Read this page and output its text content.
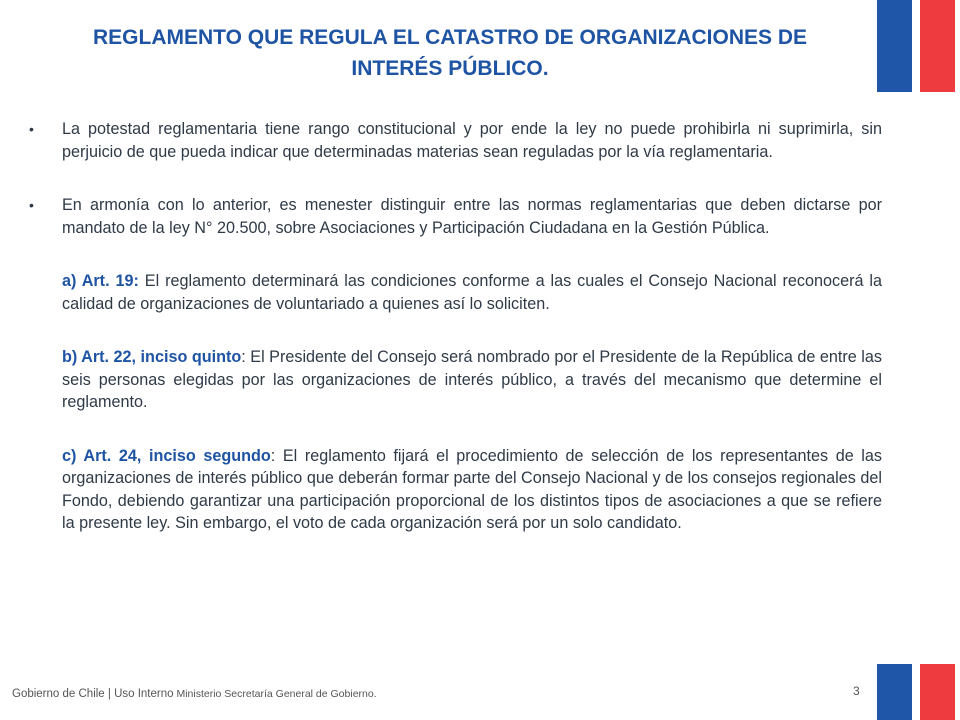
REGLAMENTO QUE REGULA EL CATASTRO DE ORGANIZACIONES DE INTERÉS PÚBLICO.

• La potestad reglamentaria tiene rango constitucional y por ende la ley no puede prohibirla ni suprimirla, sin perjuicio de que pueda indicar que determinadas materias sean reguladas por la vía reglamentaria.

• En armonía con lo anterior, es menester distinguir entre las normas reglamentarias que deben dictarse por mandato de la ley N° 20.500, sobre Asociaciones y Participación Ciudadana en la Gestión Pública.

a) Art. 19: El reglamento determinará las condiciones conforme a las cuales el Consejo Nacional reconocerá la calidad de organizaciones de voluntariado a quienes así lo soliciten.

b) Art. 22, inciso quinto: El Presidente del Consejo será nombrado por el Presidente de la República de entre las seis personas elegidas por las organizaciones de interés público, a través del mecanismo que determine el reglamento.

c) Art. 24, inciso segundo: El reglamento fijará el procedimiento de selección de los representantes de las organizaciones de interés público que deberán formar parte del Consejo Nacional y de los consejos regionales del Fondo, debiendo garantizar una participación proporcional de los distintos tipos de asociaciones a que se refiere la presente ley. Sin embargo, el voto de cada organización será por un solo candidato.

Gobierno de Chile | Uso Interno Ministerio Secretaría General de Gobierno.	3
